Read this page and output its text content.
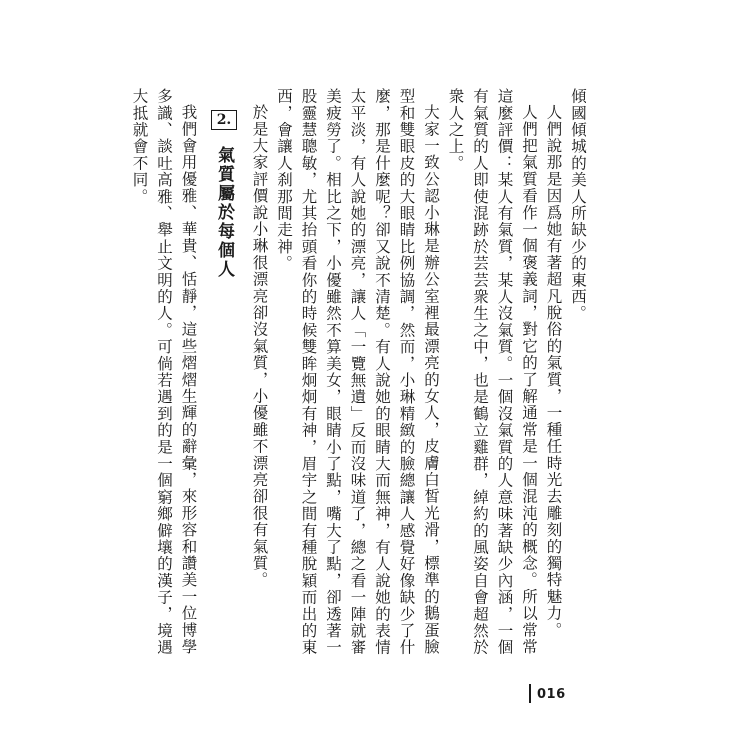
傾國傾城的美人所缺少的東西。

人們說那是因爲她有著超凡脫俗的氣質，一種任時光去雕刻的獨特魅力。

人們把氣質看作一個褒義詞，對它的了解通常是一個混沌的概念。所以常常這麼評價：某人有氣質，某人沒氣質。一個沒氣質的人意味著缺少內涵，一個有氣質的人即使混跡於芸芸衆生之中，也是鶴立雞群，綽約的風姿自會超然於衆人之上。

大家一致公認小琳是辦公室裡最漂亮的女人，皮膚白皙光滑，標準的鵝蛋臉型和雙眼皮的大眼睛比例協調，然而，小琳精緻的臉總讓人感覺好像缺少了什麼，那是什麼呢？卻又說不清楚。有人說她的眼睛大而無神，有人說她的表情太平淡，有人說她的漂亮，讓人「一覽無遺」反而沒味道了，總之看一陣就審美疲勞了。相比之下，小優雖然不算美女，眼睛小了點，嘴大了點，卻透著一股靈慧聰敏，尤其抬頭看你的時候雙眸炯炯有神，眉宇之間有種脫穎而出的東西，會讓人刹那間走神。

於是大家評價說小琳很漂亮卻沒氣質，小優雖不漂亮卻很有氣質。

2. 氣質屬於每個人

我們會用優雅、華貴、恬靜，這些熠熠生輝的辭彙，來形容和讚美一位博學多識、談吐高雅、舉止文明的人。可倘若遇到的是一個窮鄉僻壤的漢子，境遇大抵就會不同。

016
